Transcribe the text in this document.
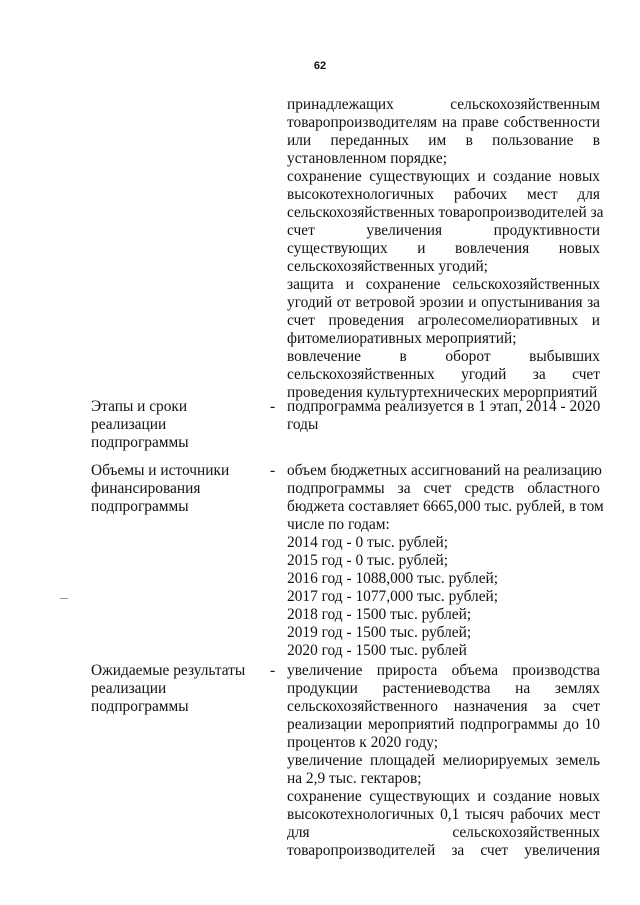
62
принадлежащих сельскохозяйственным
товаропроизводителям на праве собственности
или переданных им в пользование в
установленном порядке;
сохранение существующих и создание новых
высокотехнологичных рабочих мест для
сельскохозяйственных товаропроизводителей за
счет увеличения продуктивности
существующих и вовлечения новых
сельскохозяйственных угодий;
защита и сохранение сельскохозяйственных
угодий от ветровой эрозии и опустынивания за
счет проведения агролесомелиоративных и
фитомелиоративных мероприятий;
вовлечение в оборот выбывших
сельскохозяйственных угодий за счет
проведения культуртехнических мерорприятий
Этапы и сроки
реализации
подпрограммы
- подпрограмма реализуется в 1 этап, 2014 - 2020
годы
Объемы и источники
финансирования
подпрограммы
- объем бюджетных ассигнований на реализацию
подпрограммы за счет средств областного
бюджета составляет 6665,000 тыс. рублей, в том
числе по годам:
2014 год - 0 тыс. рублей;
2015 год - 0 тыс. рублей;
2016 год - 1088,000 тыс. рублей;
2017 год - 1077,000 тыс. рублей;
2018 год - 1500 тыс. рублей;
2019 год - 1500 тыс. рублей;
2020 год - 1500 тыс. рублей
Ожидаемые результаты
реализации
подпрограммы
- увеличение прироста объема производства
продукции растениеводства на землях
сельскохозяйственного назначения за счет
реализации мероприятий подпрограммы до 10
процентов к 2020 году;
увеличение площадей мелиорируемых земель
на 2,9 тыс. гектаров;
сохранение существующих и создание новых
высокотехнологичных 0,1 тысяч рабочих мест
для сельскохозяйственных
товаропроизводителей за счет увеличения
